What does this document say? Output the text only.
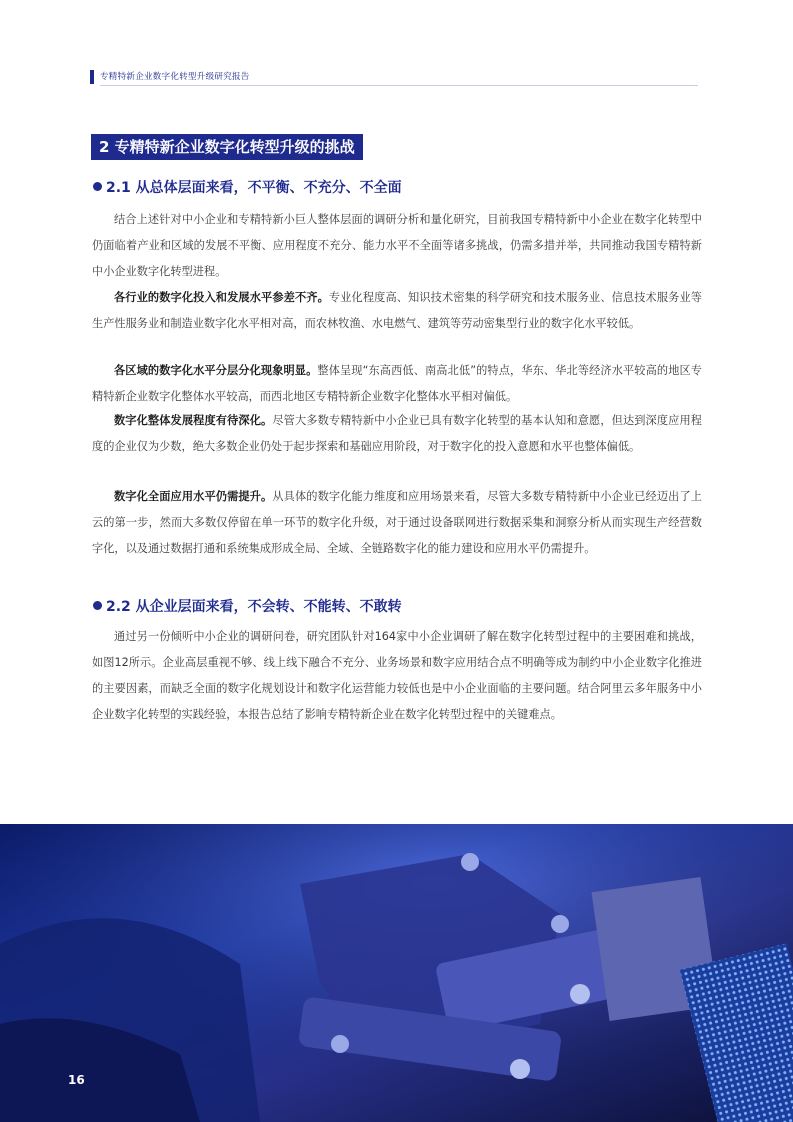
专精特新企业数字化转型升级研究报告
2 专精特新企业数字化转型升级的挑战
2.1 从总体层面来看，不平衡、不充分、不全面
结合上述针对中小企业和专精特新小巨人整体层面的调研分析和量化研究，目前我国专精特新中小企业在数字化转型中仍面临着产业和区域的发展不平衡、应用程度不充分、能力水平不全面等诸多挑战，仍需多措并举，共同推动我国专精特新中小企业数字化转型进程。
各行业的数字化投入和发展水平参差不齐。专业化程度高、知识技术密集的科学研究和技术服务业、信息技术服务业等生产性服务业和制造业数字化水平相对高，而农林牧渔、水电燃气、建筑等劳动密集型行业的数字化水平较低。
各区域的数字化水平分层分化现象明显。整体呈现“东高西低、南高北低”的特点，华东、华北等经济水平较高的地区专精特新企业数字化整体水平较高，而西北地区专精特新企业数字化整体水平相对偏低。
数字化整体发展程度有待深化。尽管大多数专精特新中小企业已具有数字化转型的基本认知和意愿，但达到深度应用程度的企业仅为少数，绝大多数企业仍处于起步探索和基础应用阶段，对于数字化的投入意愿和水平也整体偏低。
数字化全面应用水平仍需提升。从具体的数字化能力维度和应用场景来看，尽管大多数专精特新中小企业已经迈出了上云的第一步，然而大多数仅停留在单一环节的数字化升级，对于通过设备联网进行数据采集和洞察分析从而实现生产经营数字化，以及通过数据打通和系统集成形成全局、全域、全链路数字化的能力建设和应用水平仍需提升。
2.2 从企业层面来看，不会转、不能转、不敢转
通过另一份倾听中小企业的调研问卷，研究团队针对164家中小企业调研了解在数字化转型过程中的主要困难和挑战，如图12所示。企业高层重视不够、线上线下融合不充分、业务场景和数字应用结合点不明确等成为制约中小企业数字化推进的主要因素，而缺乏全面的数字化规划设计和数字化运营能力较低也是中小企业面临的主要问题。结合阿里云多年服务中小企业数字化转型的实践经验，本报告总结了影响专精特新企业在数字化转型过程中的关键难点。
16
